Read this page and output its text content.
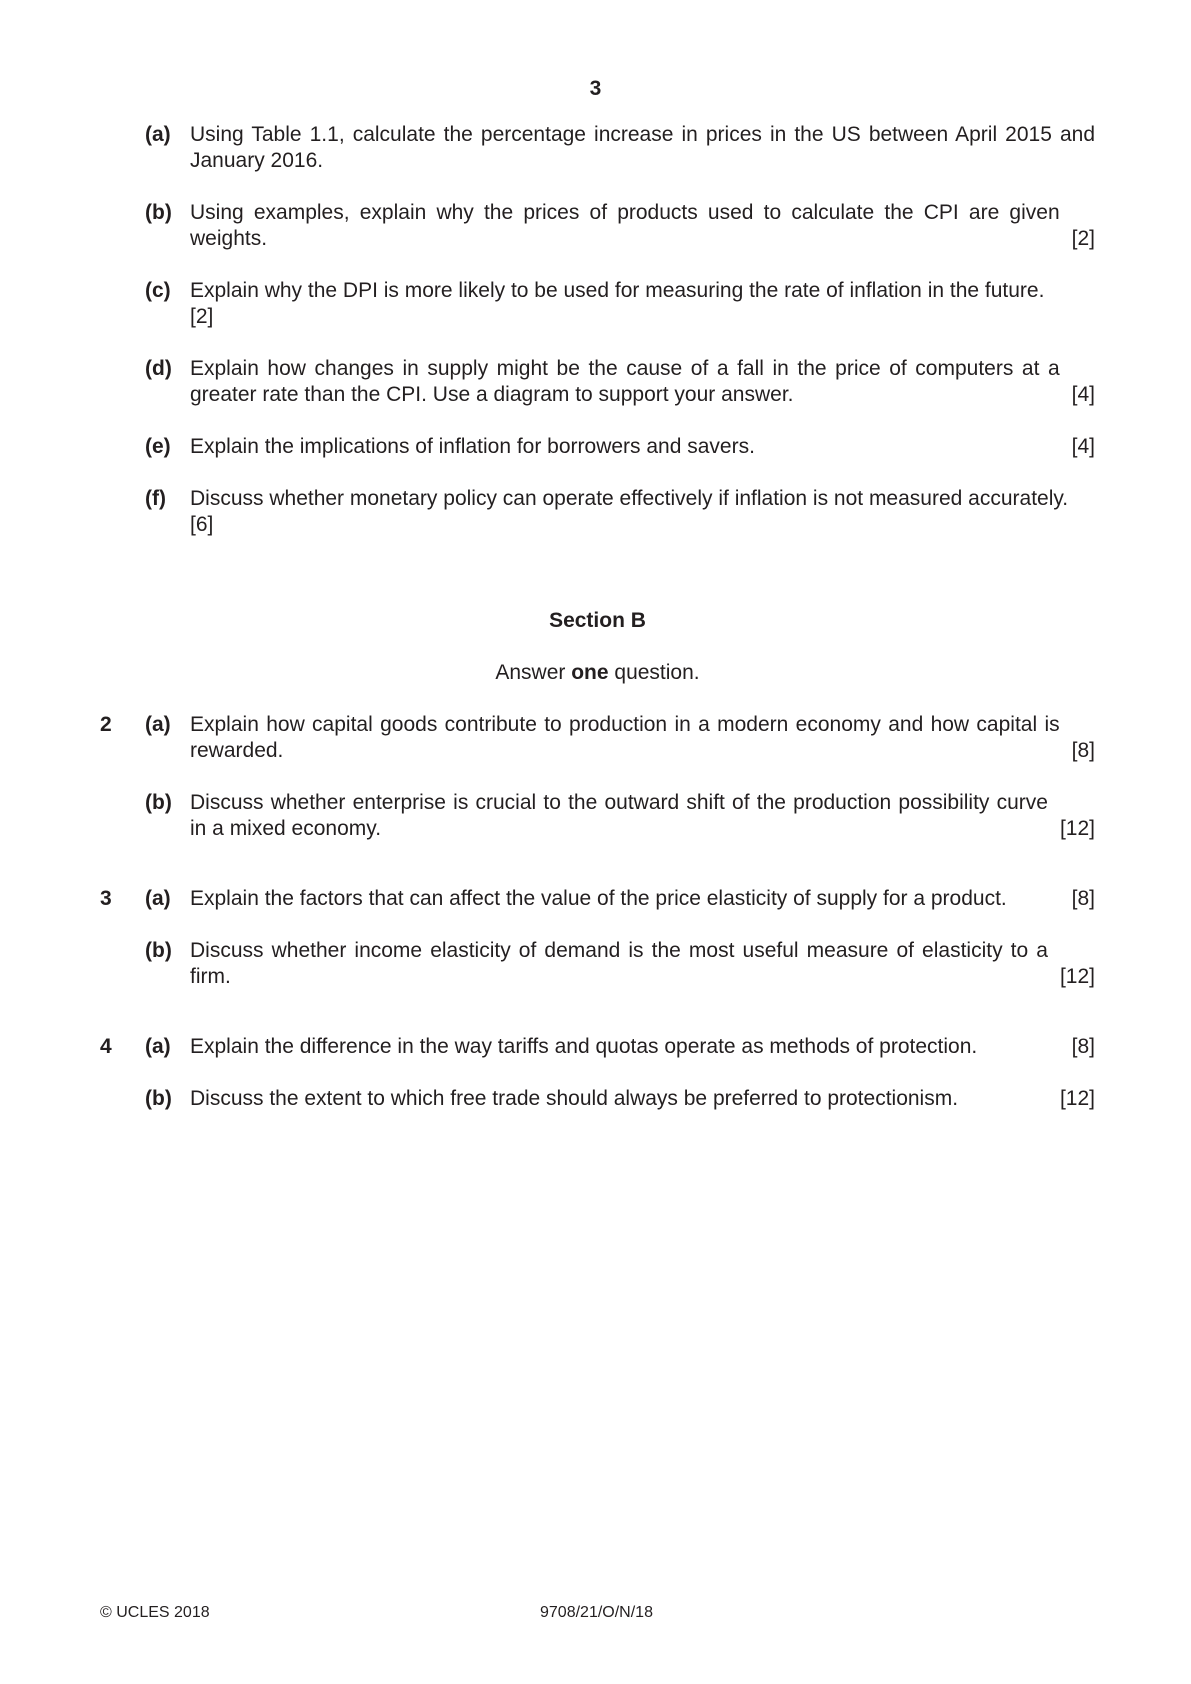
3
(a) Using Table 1.1, calculate the percentage increase in prices in the US between April 2015 and January 2016.
(b)
[2]
Using examples, explain why the prices of products used to calculate the CPI are given weights.
(c) Explain why the DPI is more likely to be used for measuring the rate of inflation in the future.
[2]
(d)
[4]
Explain how changes in supply might be the cause of a fall in the price of computers at a greater rate than the CPI. Use a diagram to support your answer.
(e)	[4]
Explain the implications of inflation for borrowers and savers.
(f)	Discuss whether monetary policy can operate effectively if inflation is not measured accurately.
[6]
Section B
Answer one question.
2	(a)
[8]
Explain how capital goods contribute to production in a modern economy and how capital is rewarded.
(b)
[12]
Discuss whether enterprise is crucial to the outward shift of the production possibility curve in a mixed economy.
3	(a)	[8]
Explain the factors that can affect the value of the price elasticity of supply for a product.
(b)
[12]
Discuss whether income elasticity of demand is the most useful measure of elasticity to a firm.
4	(a)	[8]
Explain the difference in the way tariffs and quotas operate as methods of protection.
(b)	[12]
Discuss the extent to which free trade should always be preferred to protectionism.
© UCLES 2018	9708/21/O/N/18
